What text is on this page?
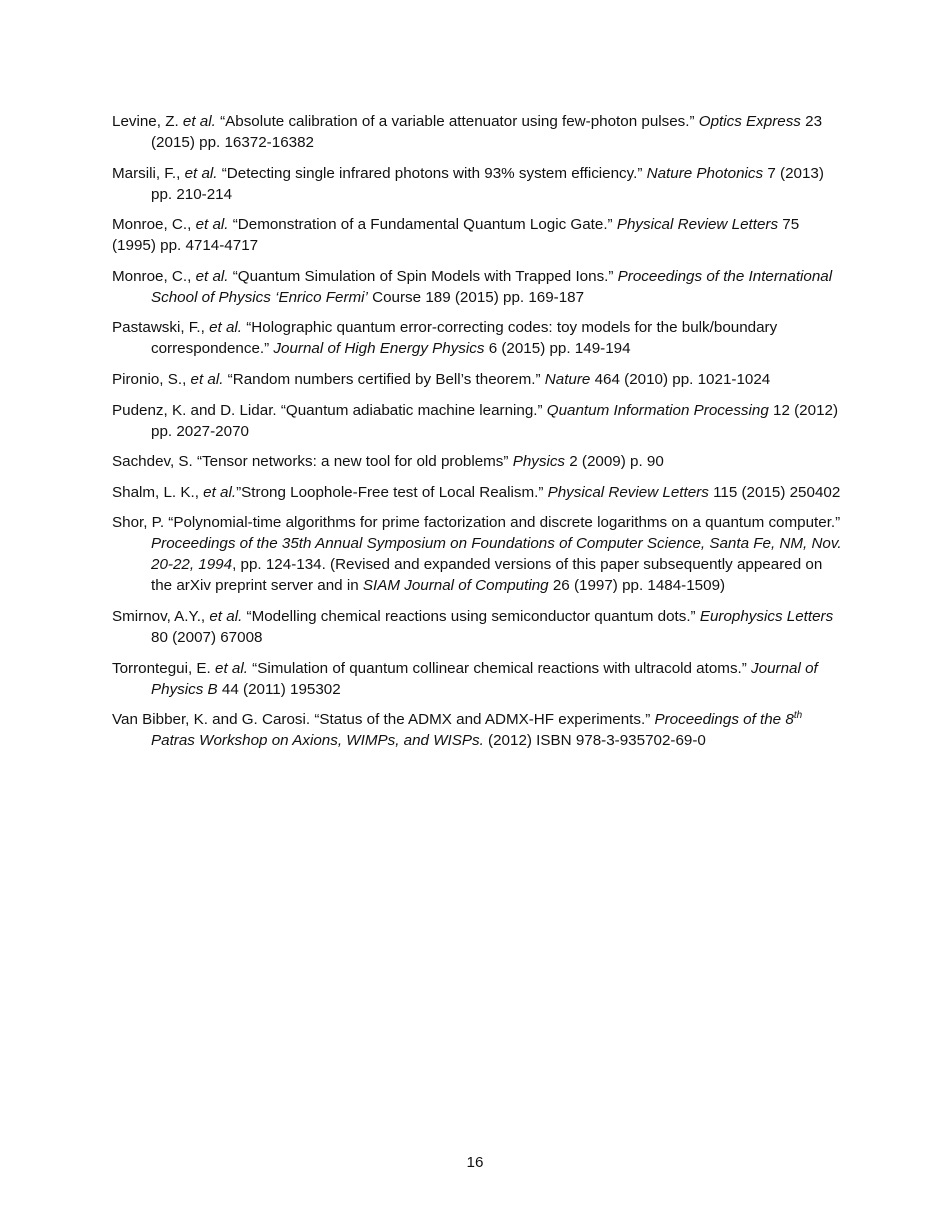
Levine, Z. et al. “Absolute calibration of a variable attenuator using few-photon pulses.” Optics Express 23 (2015) pp. 16372-16382
Marsili, F., et al. “Detecting single infrared photons with 93% system efficiency.” Nature Photonics 7 (2013) pp. 210-214
Monroe, C., et al. “Demonstration of a Fundamental Quantum Logic Gate.” Physical Review Letters 75 (1995) pp. 4714-4717
Monroe, C., et al. “Quantum Simulation of Spin Models with Trapped Ions.” Proceedings of the International School of Physics ‘Enrico Fermi’ Course 189 (2015) pp. 169-187
Pastawski, F., et al. “Holographic quantum error-correcting codes: toy models for the bulk/boundary correspondence.” Journal of High Energy Physics 6 (2015) pp. 149-194
Pironio, S., et al. “Random numbers certified by Bell’s theorem.” Nature 464 (2010) pp. 1021-1024
Pudenz, K. and D. Lidar. “Quantum adiabatic machine learning.” Quantum Information Processing 12 (2012) pp. 2027-2070
Sachdev, S. “Tensor networks: a new tool for old problems” Physics 2 (2009) p. 90
Shalm, L. K., et al.”Strong Loophole-Free test of Local Realism.” Physical Review Letters 115 (2015) 250402
Shor, P. “Polynomial-time algorithms for prime factorization and discrete logarithms on a quantum computer.” Proceedings of the 35th Annual Symposium on Foundations of Computer Science, Santa Fe, NM, Nov. 20-22, 1994, pp. 124-134. (Revised and expanded versions of this paper subsequently appeared on the arXiv preprint server and in SIAM Journal of Computing 26 (1997) pp. 1484-1509)
Smirnov, A.Y., et al. “Modelling chemical reactions using semiconductor quantum dots.” Europhysics Letters 80 (2007) 67008
Torrontegui, E. et al. “Simulation of quantum collinear chemical reactions with ultracold atoms.” Journal of Physics B 44 (2011) 195302
Van Bibber, K. and G. Carosi. “Status of the ADMX and ADMX-HF experiments.” Proceedings of the 8th Patras Workshop on Axions, WIMPs, and WISPs. (2012) ISBN 978-3-935702-69-0
16
